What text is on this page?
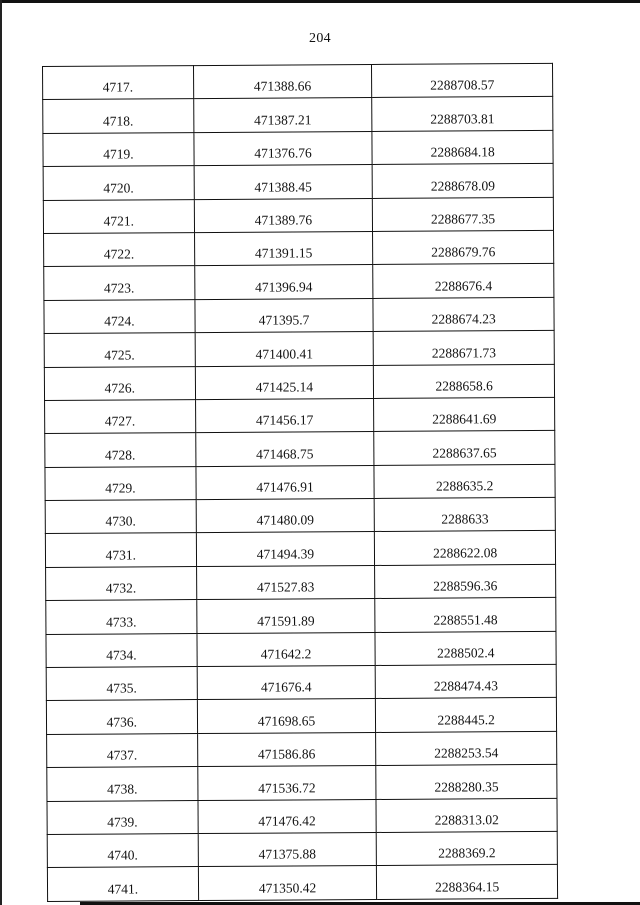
204
4717.	471388.66	2288708.57
4718.	471387.21	2288703.81
4719.	471376.76	2288684.18
4720.	471388.45	2288678.09
4721.	471389.76	2288677.35
4722.	471391.15	2288679.76
4723.	471396.94	2288676.4
4724.	471395.7	2288674.23
4725.	471400.41	2288671.73
4726.	471425.14	2288658.6
4727.	471456.17	2288641.69
4728.	471468.75	2288637.65
4729.	471476.91	2288635.2
4730.	471480.09	2288633
4731.	471494.39	2288622.08
4732.	471527.83	2288596.36
4733.	471591.89	2288551.48
4734.	471642.2	2288502.4
4735.	471676.4	2288474.43
4736.	471698.65	2288445.2
4737.	471586.86	2288253.54
4738.	471536.72	2288280.35
4739.	471476.42	2288313.02
4740.	471375.88	2288369.2
4741.	471350.42	2288364.15
